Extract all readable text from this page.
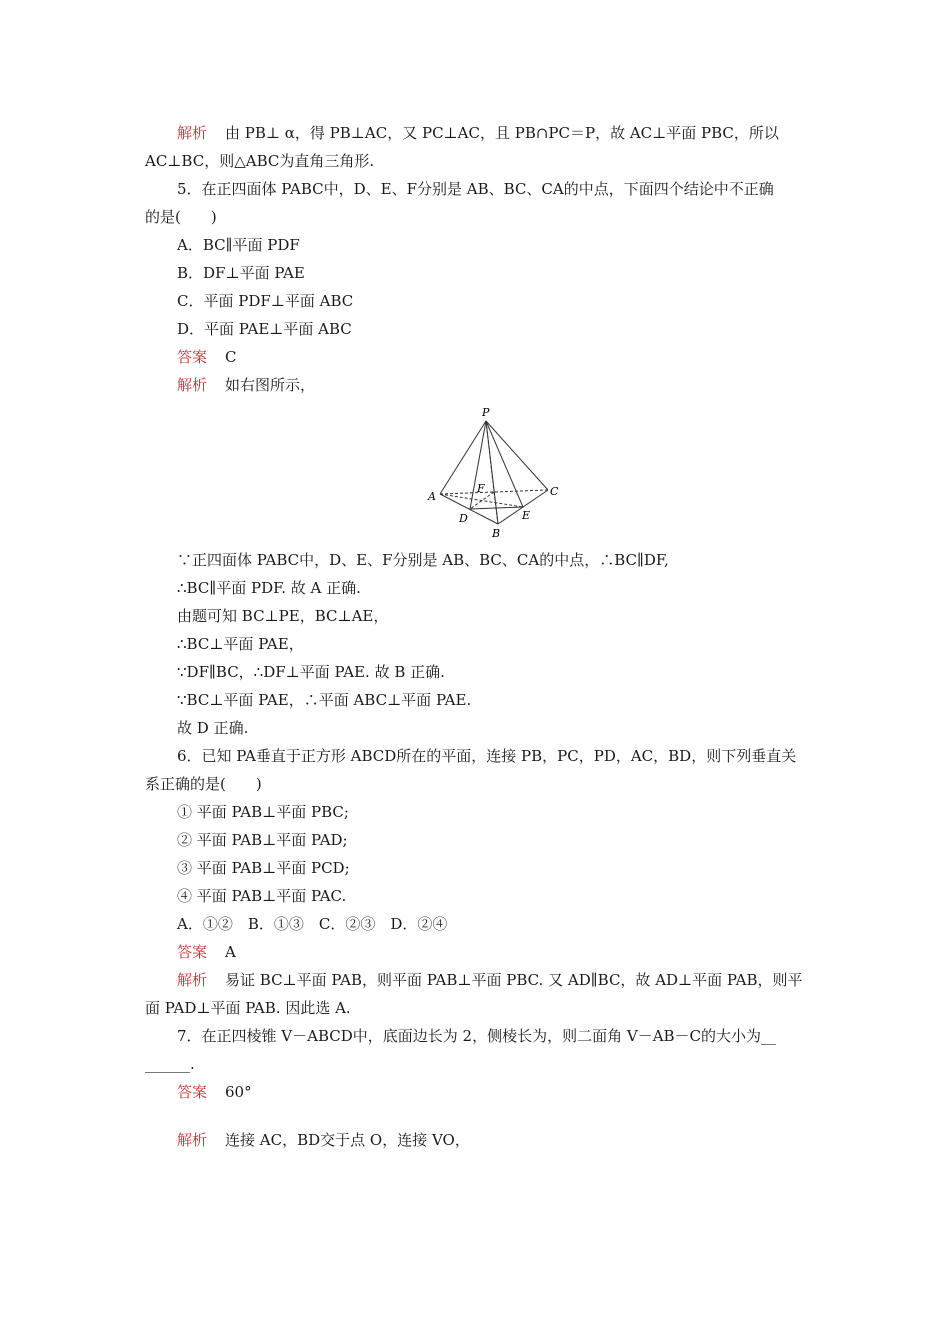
解析 由 PB⊥ α，得 PB⊥AC，又 PC⊥AC，且 PB∩PC＝P，故 AC⊥平面 PBC，所以
AC⊥BC，则△ABC为直角三角形.
5．在正四面体 PABC中，D、E、F分别是 AB、BC、CA的中点，下面四个结论中不正确
的是(　　)
A．BC∥平面 PDF
B．DF⊥平面 PAE
C．平面 PDF⊥平面 ABC
D．平面 PAE⊥平面 ABC
答案 C
解析 如右图所示，
P
A
B
C
D	E
F
∵正四面体 PABC中，D、E、F分别是 AB、BC、CA的中点，∴BC∥DF,
∴BC∥平面 PDF. 故 A 正确.
由题可知 BC⊥PE，BC⊥AE，
∴BC⊥平面 PAE，
∵DF∥BC，∴DF⊥平面 PAE. 故 B 正确.
∵BC⊥平面 PAE，∴平面 ABC⊥平面 PAE.
故 D 正确.
6．已知 PA垂直于正方形 ABCD所在的平面，连接 PB，PC，PD，AC，BD，则下列垂直关
系正确的是(　　)
① 平面 PAB⊥平面 PBC;
② 平面 PAB⊥平面 PAD;
③ 平面 PAB⊥平面 PCD;
④ 平面 PAB⊥平面 PAC.
A．①②　B．①③　C．②③　D．②④
答案 A
解析 易证 BC⊥平面 PAB，则平面 PAB⊥平面 PBC. 又 AD∥BC，故 AD⊥平面 PAB，则平
面 PAD⊥平面 PAB. 因此选 A.
7．在正四棱锥 V－ABCD中，底面边长为 2，侧棱长为，则二面角 V－AB－C的大小为__
______.
答案 60°
解析 连接 AC，BD交于点 O，连接 VO，
